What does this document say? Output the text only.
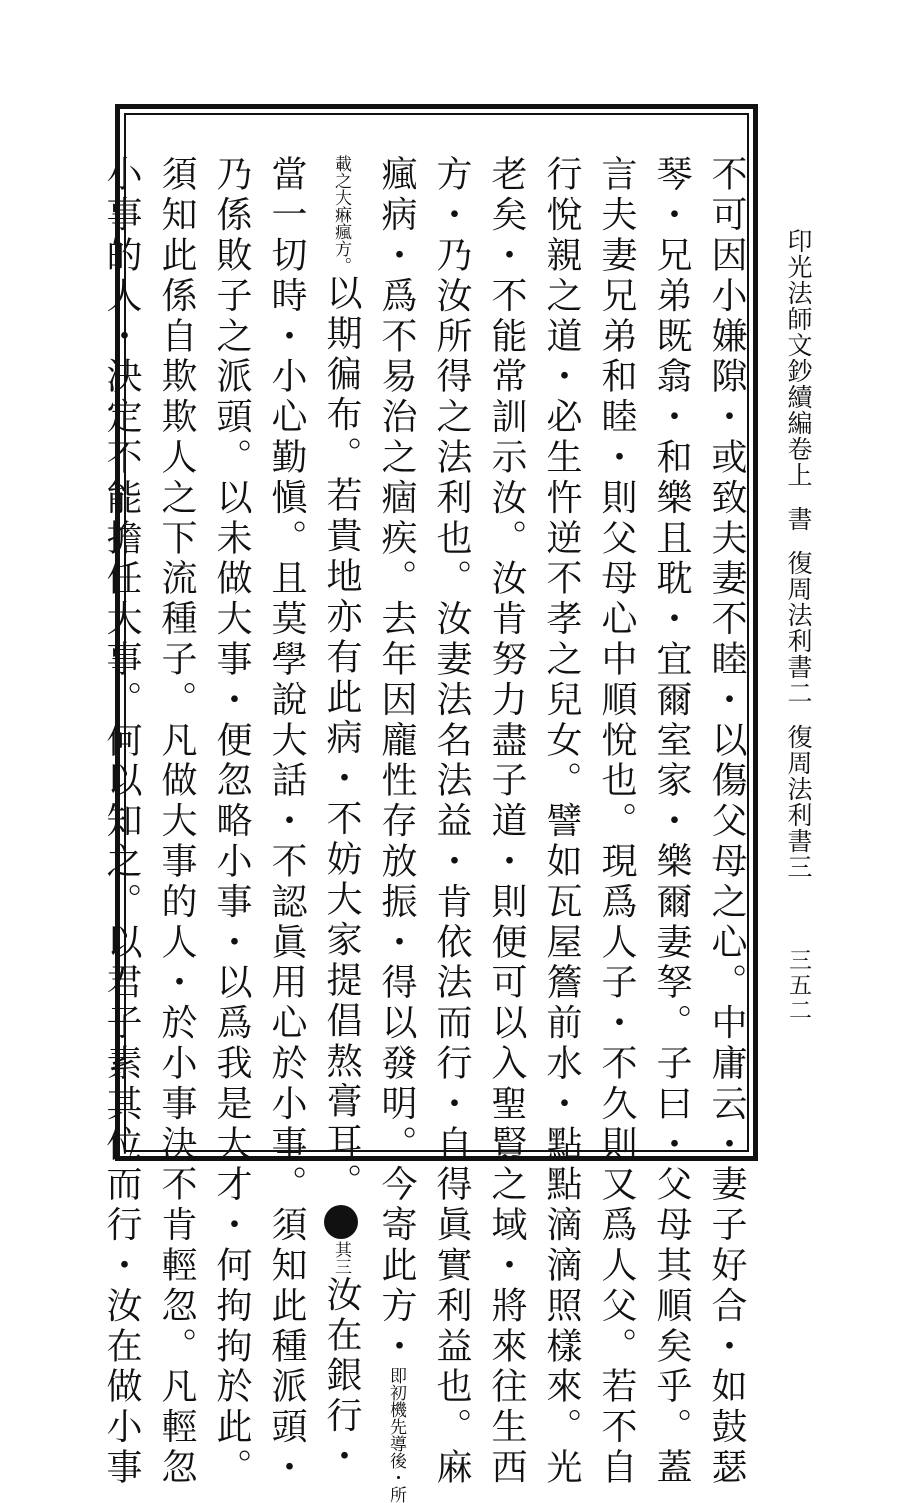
印光法師文鈔續編卷上書復周法利書二復周法利書三
三五二
不可因小嫌隙・或致夫妻不睦・以傷父母之心。中庸云・妻子好合・如鼓瑟
琴・兄弟既翕・和樂且耽・宜爾室家・樂爾妻孥。子曰・父母其順矣乎。蓋
言夫妻兄弟和睦・則父母心中順悅也。現爲人子・不久則又爲人父。若不自
行悅親之道・必生忤逆不孝之兒女。譬如瓦屋簷前水・點點滴滴照樣來。光
老矣・不能常訓示汝。汝肯努力盡子道・則便可以入聖賢之域・將來往生西
方・乃汝所得之法利也。汝妻法名法益・肯依法而行・自得眞實利益也。麻
瘋病・爲不易治之痼疾。去年因龐性存放振・得以發明。今寄此方・即初機先導後・所
載之大痳瘋方。以期徧布。若貴地亦有此病・不妨大家提倡熬膏耳。其三汝在銀行・
當一切時・小心勤愼。且莫學說大話・不認眞用心於小事。須知此種派頭・
乃係敗子之派頭。以未做大事・便忽略小事・以爲我是大才・何拘拘於此。
須知此係自欺欺人之下流種子。凡做大事的人・於小事決不肯輕忽。凡輕忽
小事的人・決定不能擔任大事。何以知之。以君子素其位而行・汝在做小事
